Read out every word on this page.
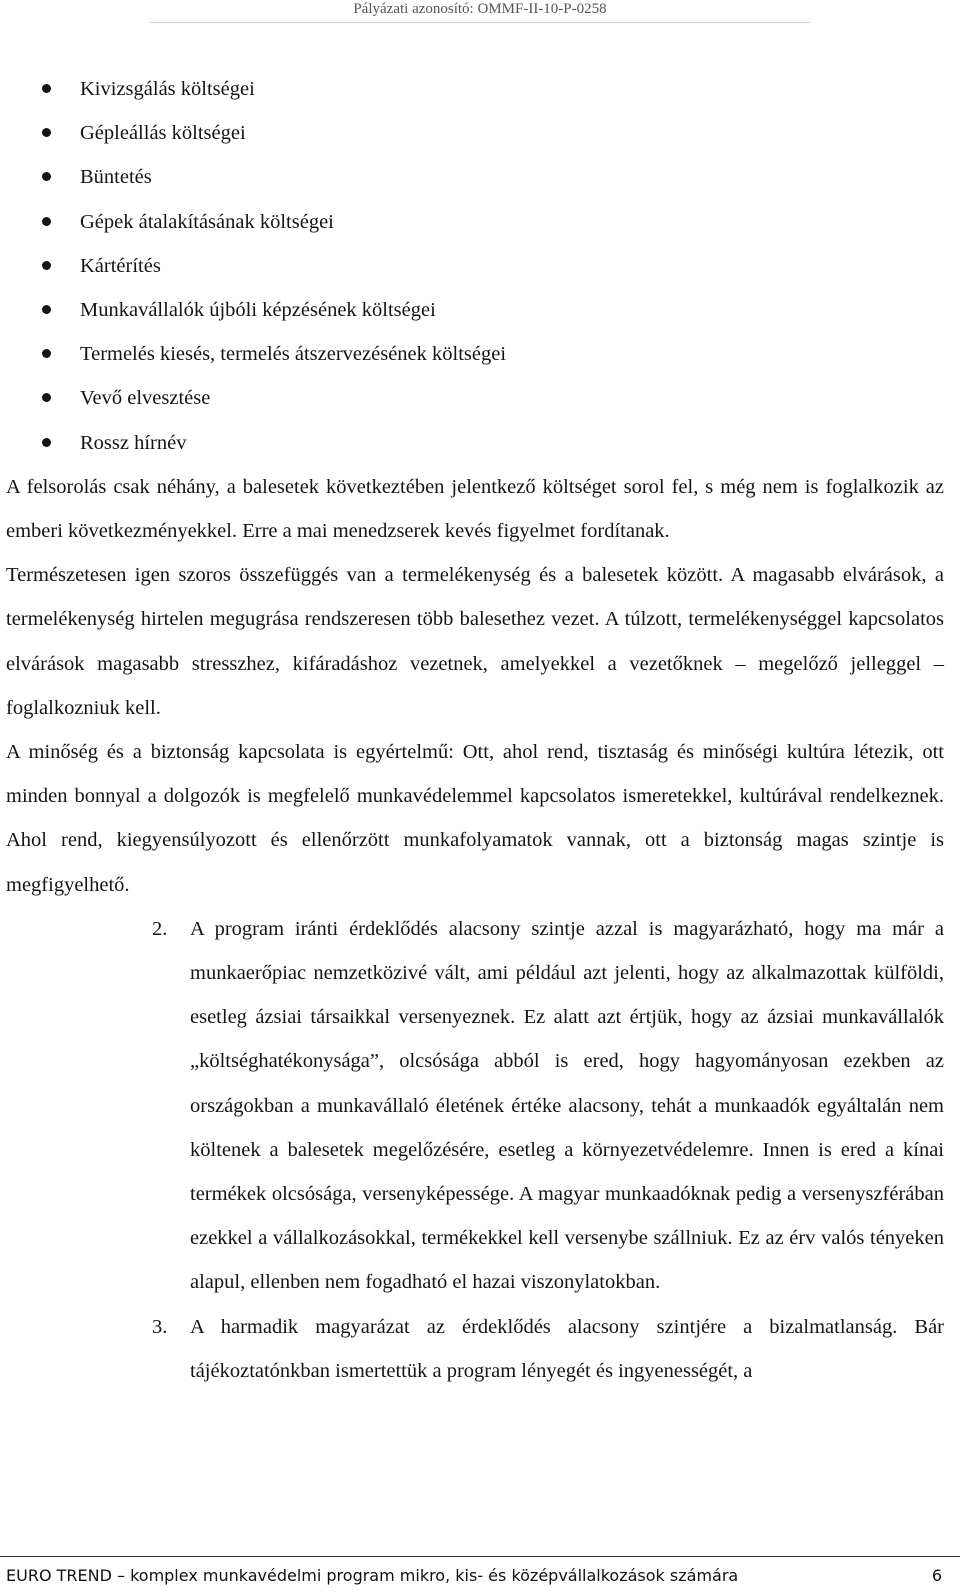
Pályázati azonosító: OMMF-II-10-P-0258
Kivizsgálás költségei
Gépleállás költségei
Büntetés
Gépek átalakításának költségei
Kártérítés
Munkavállalók újbóli képzésének költségei
Termelés kiesés, termelés átszervezésének költségei
Vevő elvesztése
Rossz hírnév

A felsorolás csak néhány, a balesetek következtében jelentkező költséget sorol fel, s még nem is foglalkozik az emberi következményekkel. Erre a mai menedzserek kevés figyelmet fordítanak.

Természetesen igen szoros összefüggés van a termelékenység és a balesetek között. A magasabb elvárások, a termelékenység hirtelen megugrása rendszeresen több balesethez vezet. A túlzott, termelékenységgel kapcsolatos elvárások magasabb stresszhez, kifáradáshoz vezetnek, amelyekkel a vezetőknek – megelőző jelleggel – foglalkozniuk kell.

A minőség és a biztonság kapcsolata is egyértelmű: Ott, ahol rend, tisztaság és minőségi kultúra létezik, ott minden bonnyal a dolgozók is megfelelő munkavédelemmel kapcsolatos ismeretekkel, kultúrával rendelkeznek. Ahol rend, kiegyensúlyozott és ellenőrzött munkafolyamatok vannak, ott a biztonság magas szintje is megfigyelhető.

2. A program iránti érdeklődés alacsony szintje azzal is magyarázható, hogy ma már a munkaerőpiac nemzetközivé vált, ami például azt jelenti, hogy az alkalmazottak külföldi, esetleg ázsiai társaikkal versenyeznek. Ez alatt azt értjük, hogy az ázsiai munkavállalók „költséghatékonysága”, olcsósága abból is ered, hogy hagyományosan ezekben az országokban a munkavállaló életének értéke alacsony, tehát a munkaadók egyáltalán nem költenek a balesetek megelőzésére, esetleg a környezetvédelemre. Innen is ered a kínai termékek olcsósága, versenyképessége. A magyar munkaadóknak pedig a versenyszférában ezekkel a vállalkozásokkal, termékekkel kell versenybe szállniuk. Ez az érv valós tényeken alapul, ellenben nem fogadható el hazai viszonylatokban.
3. A harmadik magyarázat az érdeklődés alacsony szintjére a bizalmatlanság. Bár tájékoztatónkban ismertettük a program lényegét és ingyenességét, a
EURO TREND – komplex munkavédelmi program mikro, kis- és középvállalkozások számára	6
